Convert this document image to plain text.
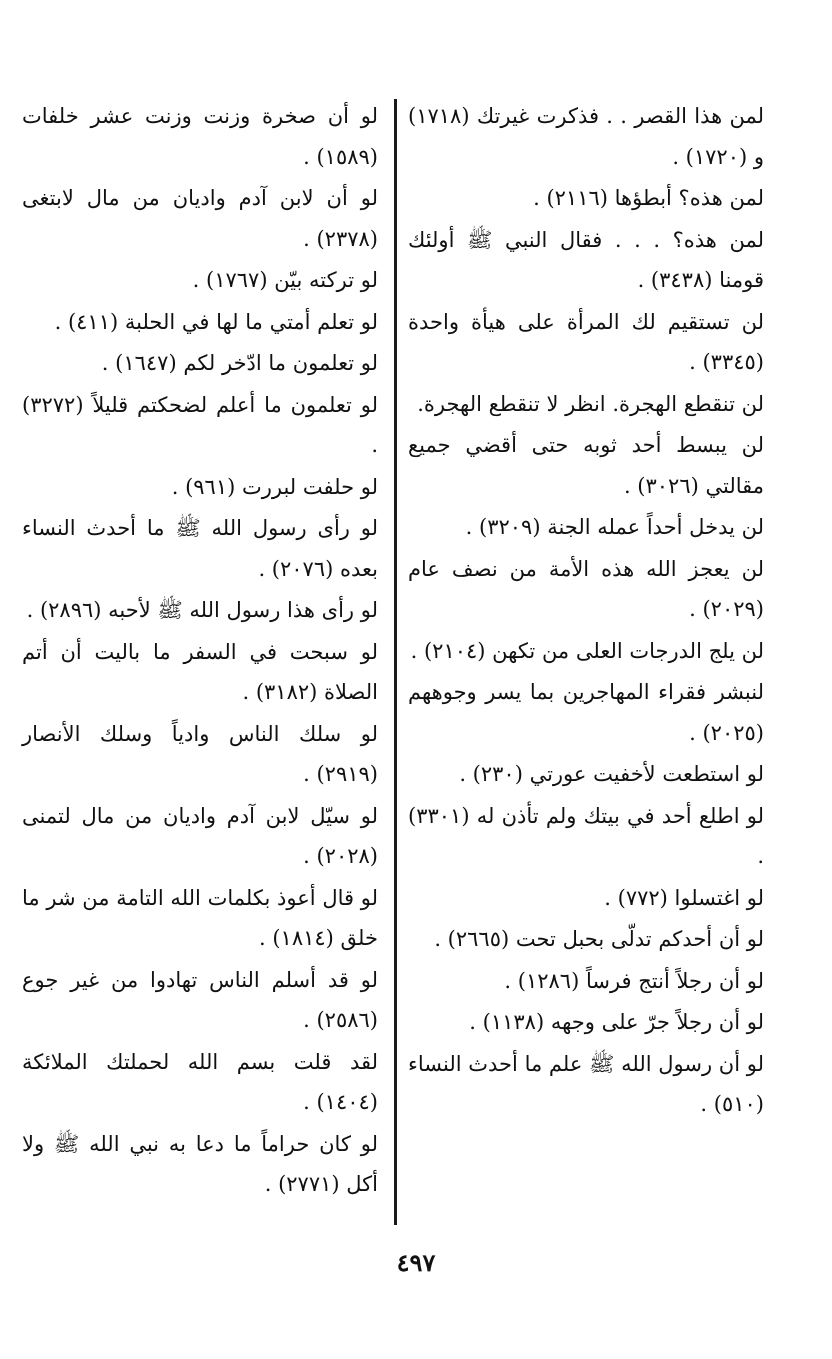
لمن هذا القصر . . فذكرت غيرتك (١٧١٨) و (١٧٢٠) .
لمن هذه؟ أبطؤها (٢١١٦) .
لمن هذه؟ . . . فقال النبي ﷺ أولئك قومنا (٣٤٣٨) .
لن تستقيم لك المرأة على هيأة واحدة (٣٣٤٥) .
لن تنقطع الهجرة. انظر لا تنقطع الهجرة.
لن يبسط أحد ثوبه حتى أقضي جميع مقالتي (٣٠٢٦) .
لن يدخل أحداً عمله الجنة (٣٢٠٩) .
لن يعجز الله هذه الأمة من نصف عام (٢٠٢٩) .
لن يلج الدرجات العلى من تكهن (٢١٠٤) .
لنبشر فقراء المهاجرين بما يسر وجوههم (٢٠٢٥) .
لو استطعت لأخفيت عورتي (٢٣٠) .
لو اطلع أحد في بيتك ولم تأذن له (٣٣٠١) .
لو اغتسلوا (٧٧٢) .
لو أن أحدكم تدلّى بحبل تحت (٢٦٦٥) .
لو أن رجلاً أنتج فرساً (١٢٨٦) .
لو أن رجلاً جرّ على وجهه (١١٣٨) .
لو أن رسول الله ﷺ علم ما أحدث النساء (٥١٠) .
لو أن صخرة وزنت وزنت عشر خلفات (١٥٨٩) .
لو أن لابن آدم واديان من مال لابتغى (٢٣٧٨) .
لو تركته بيّن (١٧٦٧) .
لو تعلم أمتي ما لها في الحلبة (٤١١) .
لو تعلمون ما ادّخر لكم (١٦٤٧) .
لو تعلمون ما أعلم لضحكتم قليلاً (٣٢٧٢) .
لو حلفت لبررت (٩٦١) .
لو رأى رسول الله ﷺ ما أحدث النساء بعده (٢٠٧٦) .
لو رأى هذا رسول الله ﷺ لأحبه (٢٨٩٦) .
لو سبحت في السفر ما باليت أن أتم الصلاة (٣١٨٢) .
لو سلك الناس وادياً وسلك الأنصار (٢٩١٩) .
لو سيّل لابن آدم واديان من مال لتمنى (٢٠٢٨) .
لو قال أعوذ بكلمات الله التامة من شر ما خلق (١٨١٤) .
لو قد أسلم الناس تهادوا من غير جوع (٢٥٨٦) .
لقد قلت بسم الله لحملتك الملائكة (١٤٠٤) .
لو كان حراماً ما دعا به نبي الله ﷺ ولا أكل (٢٧٧١) .
٤٩٧
